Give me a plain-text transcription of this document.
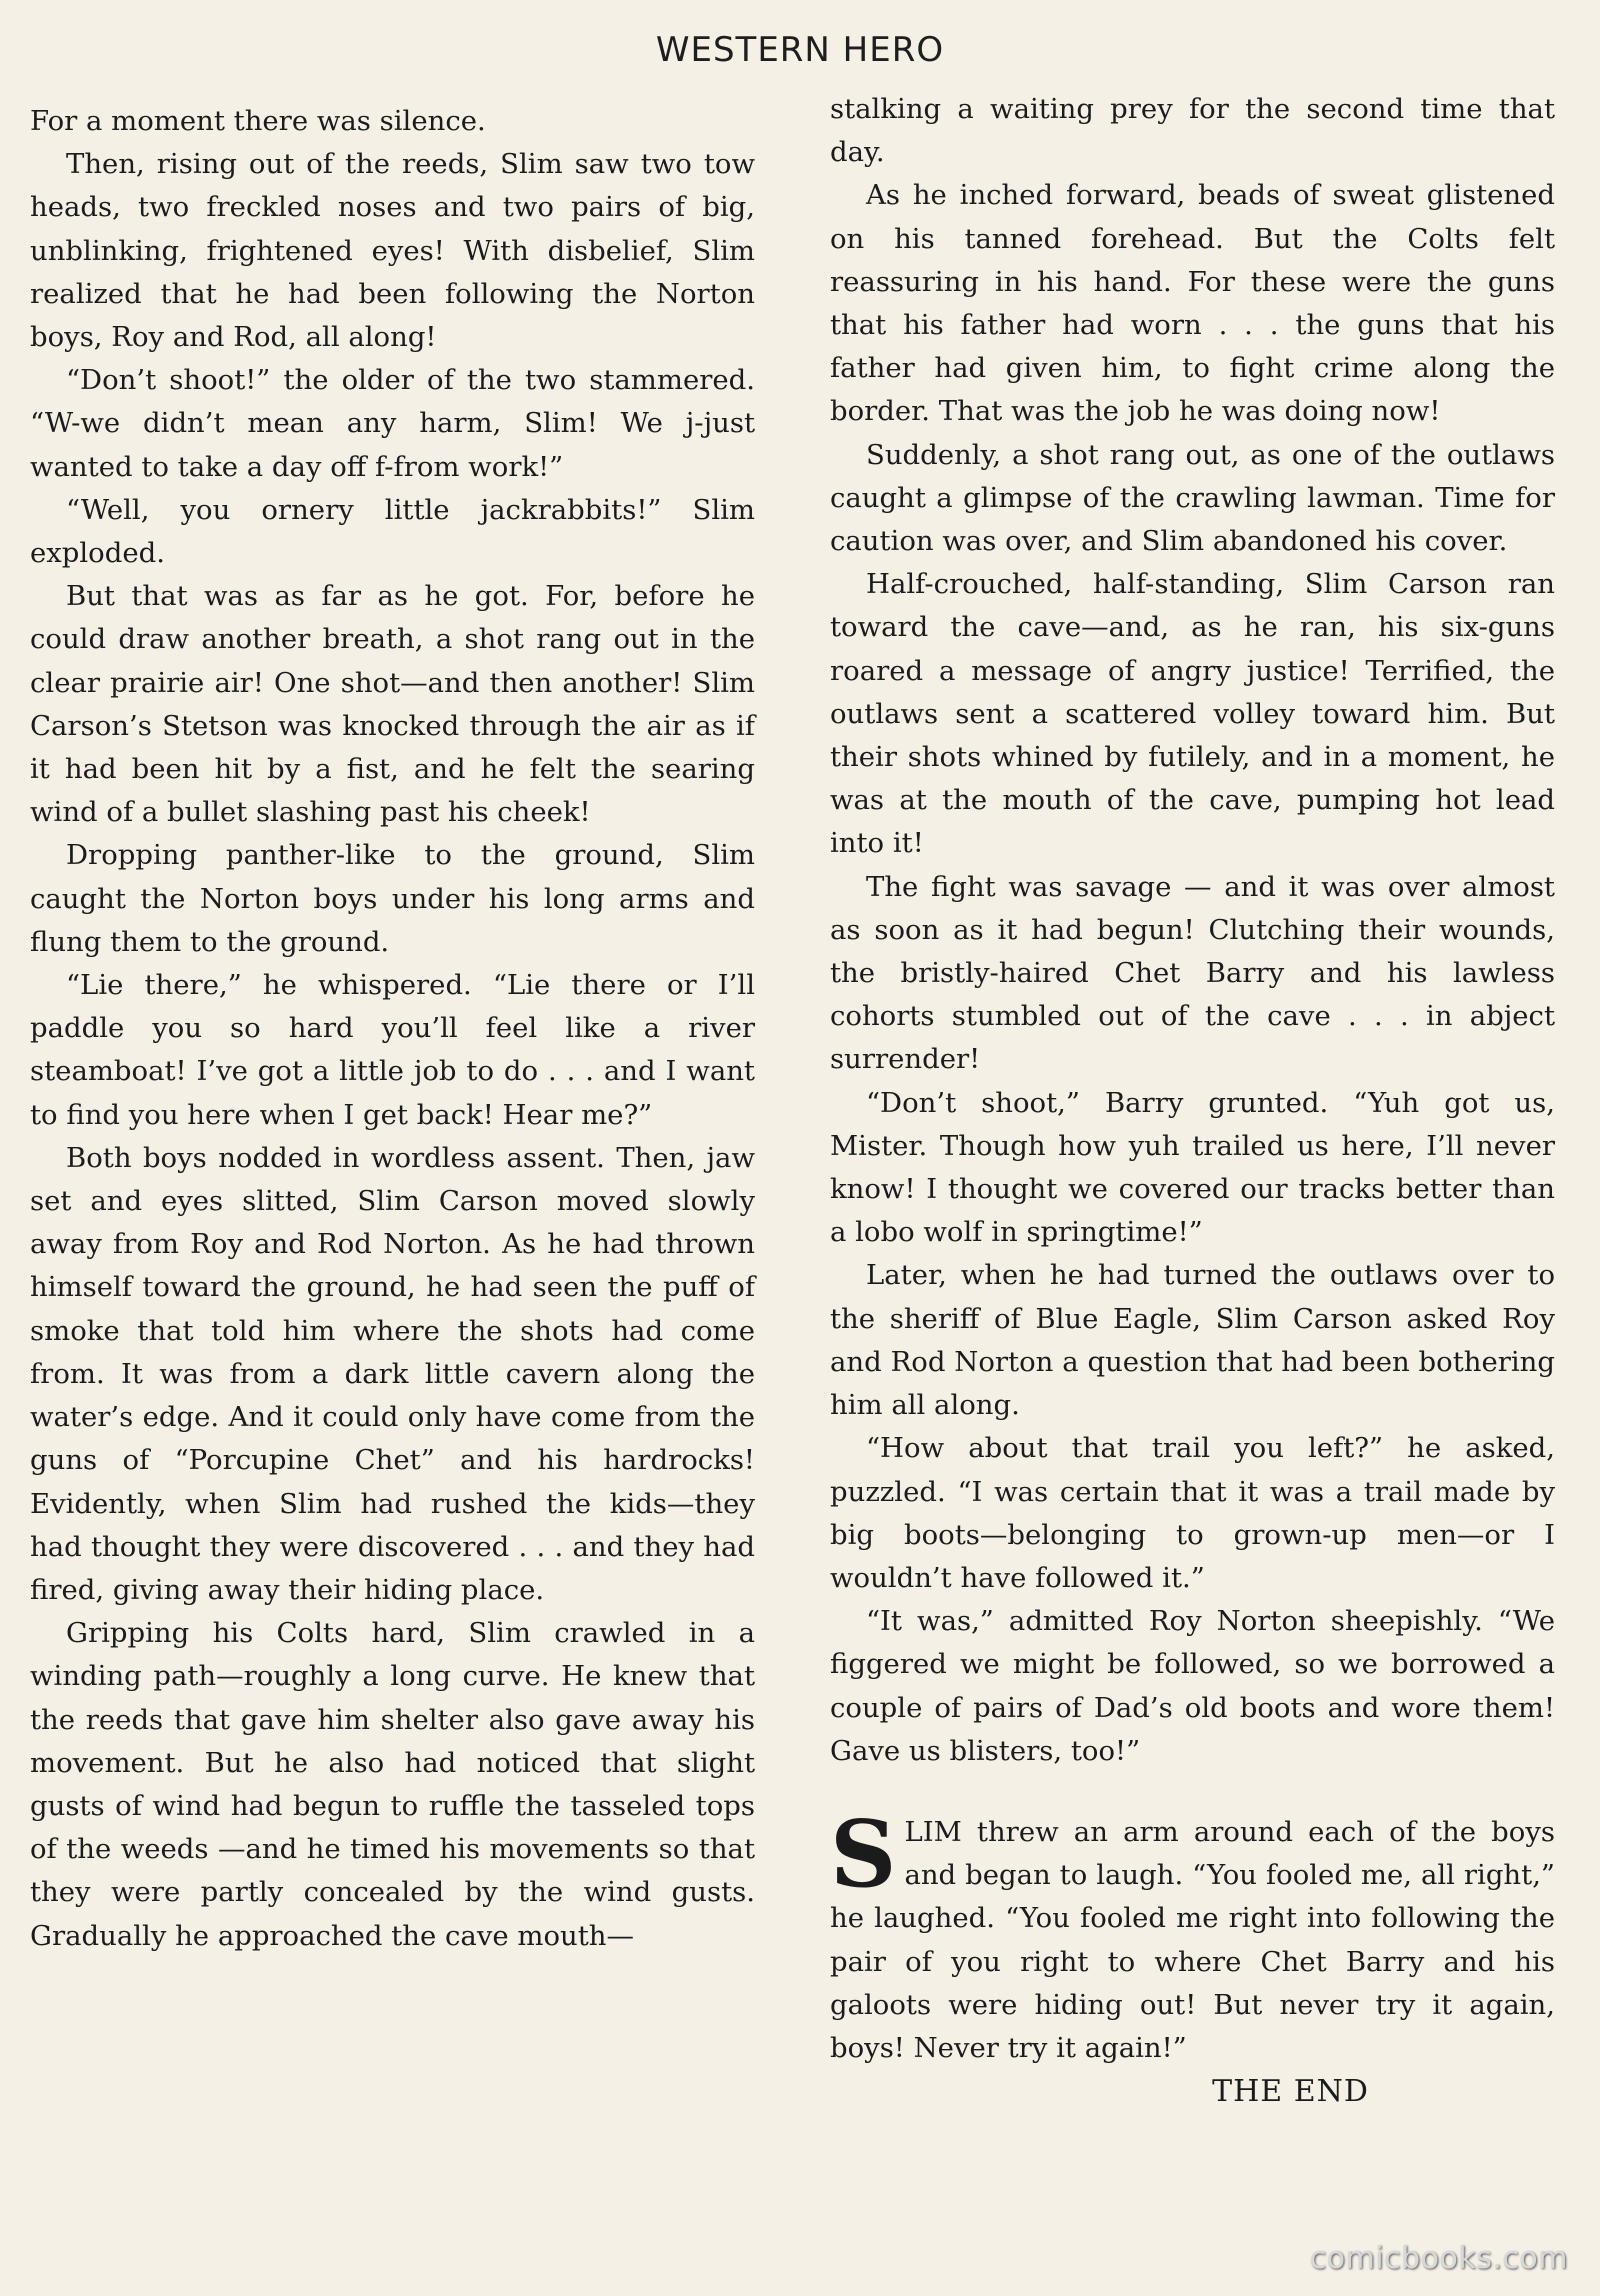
WESTERN HERO

For a moment there was silence.

Then, rising out of the reeds, Slim saw two tow heads, two freckled noses and two pairs of big, unblinking, frightened eyes! With disbelief, Slim realized that he had been following the Norton boys, Roy and Rod, all along!

“Don’t shoot!” the older of the two stammered. “W-we didn’t mean any harm, Slim! We j-just wanted to take a day off f-from work!”

“Well, you ornery little jackrabbits!” Slim exploded.

But that was as far as he got. For, before he could draw another breath, a shot rang out in the clear prairie air! One shot—and then another! Slim Carson’s Stetson was knocked through the air as if it had been hit by a fist, and he felt the searing wind of a bullet slashing past his cheek!

Dropping panther-like to the ground, Slim caught the Norton boys under his long arms and flung them to the ground.

“Lie there,” he whispered. “Lie there or I’ll paddle you so hard you’ll feel like a river steamboat! I’ve got a little job to do . . . and I want to find you here when I get back! Hear me?”

Both boys nodded in wordless assent. Then, jaw set and eyes slitted, Slim Carson moved slowly away from Roy and Rod Norton. As he had thrown himself toward the ground, he had seen the puff of smoke that told him where the shots had come from. It was from a dark little cavern along the water’s edge. And it could only have come from the guns of “Porcupine Chet” and his hardrocks! Evidently, when Slim had rushed the kids—they had thought they were discovered . . . and they had fired, giving away their hiding place.

Gripping his Colts hard, Slim crawled in a winding path—roughly a long curve. He knew that the reeds that gave him shelter also gave away his movement. But he also had noticed that slight gusts of wind had begun to ruffle the tasseled tops of the weeds —and he timed his movements so that they were partly concealed by the wind gusts. Gradually he approached the cave mouth—

stalking a waiting prey for the second time that day.

As he inched forward, beads of sweat glistened on his tanned forehead. But the Colts felt reassuring in his hand. For these were the guns that his father had worn . . . the guns that his father had given him, to fight crime along the border. That was the job he was doing now!

Suddenly, a shot rang out, as one of the outlaws caught a glimpse of the crawling lawman. Time for caution was over, and Slim abandoned his cover.

Half-crouched, half-standing, Slim Carson ran toward the cave—and, as he ran, his six-guns roared a message of angry justice! Terrified, the outlaws sent a scattered volley toward him. But their shots whined by futilely, and in a moment, he was at the mouth of the cave, pumping hot lead into it!

The fight was savage — and it was over almost as soon as it had begun! Clutching their wounds, the bristly-haired Chet Barry and his lawless cohorts stumbled out of the cave . . . in abject surrender!

“Don’t shoot,” Barry grunted. “Yuh got us, Mister. Though how yuh trailed us here, I’ll never know! I thought we covered our tracks better than a lobo wolf in springtime!”

Later, when he had turned the outlaws over to the sheriff of Blue Eagle, Slim Carson asked Roy and Rod Norton a question that had been bothering him all along.

“How about that trail you left?” he asked, puzzled. “I was certain that it was a trail made by big boots—belonging to grown-up men—or I wouldn’t have followed it.”

“It was,” admitted Roy Norton sheepishly. “We figgered we might be followed, so we borrowed a couple of pairs of Dad’s old boots and wore them! Gave us blisters, too!”

SLIM threw an arm around each of the boys and began to laugh. “You fooled me, all right,” he laughed. “You fooled me right into following the pair of you right to where Chet Barry and his galoots were hiding out! But never try it again, boys! Never try it again!”

THE END

comicbooks.com
